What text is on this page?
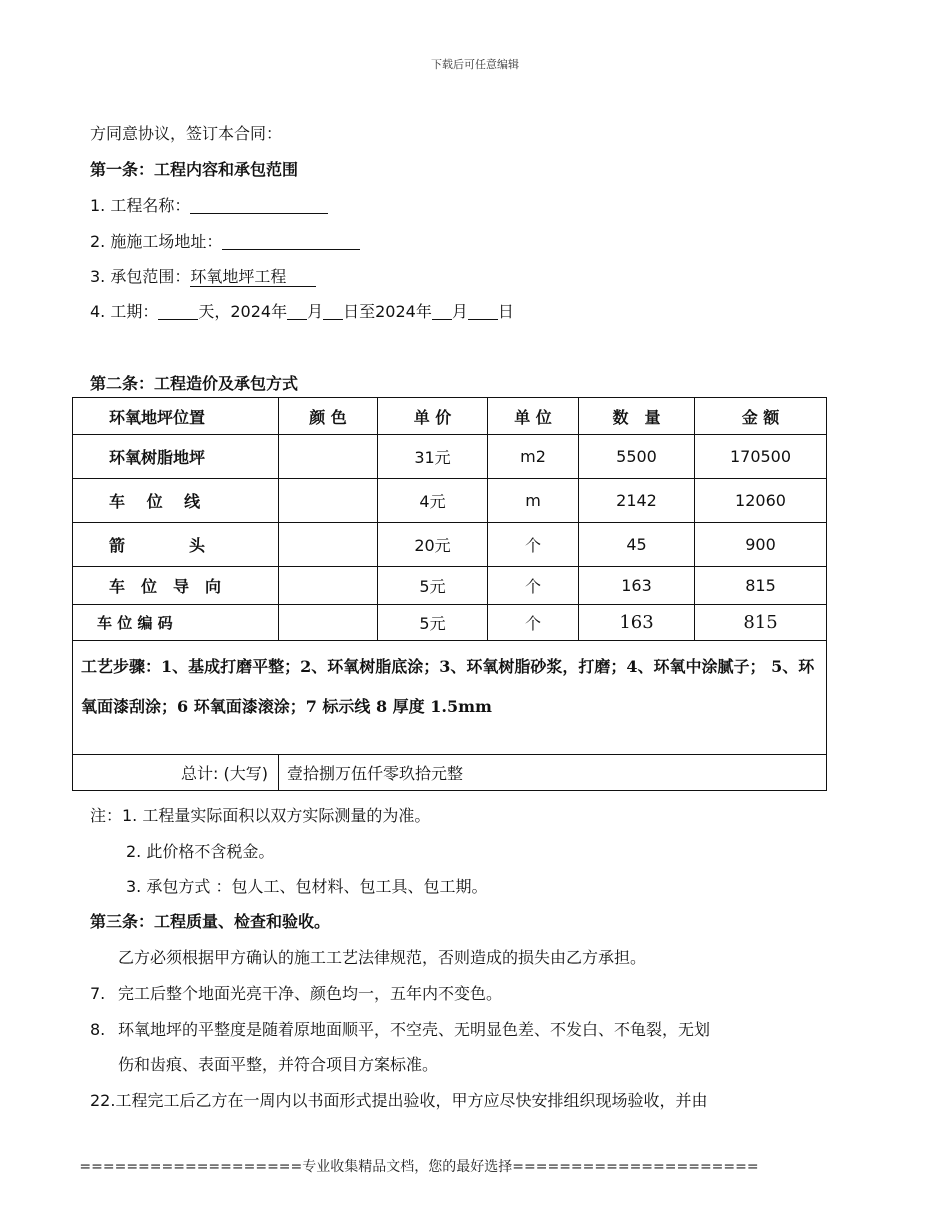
下载后可任意编辑
方同意协议，签订本合同：
第一条：工程内容和承包范围
1. 工程名称：
2. 施施工场地址：
3. 承包范围：环氧地坪工程
4. 工期：	天，2024年 月 日至2024年 月 日
第二条：工程造价及承包方式
环氧地坪位置	颜 色	单 价	单 位	数　量	金 额
环氧树脂地坪		31元	m2	5500	170500
车　 位　 线		4元	m	2142	12060
箭　　　　头		20元	个	45	900
车　位　导　向		5元	个	163	815
车 位 编 码		5元	个	163	815
工艺步骤：1、基成打磨平整；2、环氧树脂底涂；3、环氧树脂砂浆，打磨；4、环氧中涂腻子； 5、环氧面漆刮涂；6 环氧面漆滚涂；7 标示线 8 厚度 1.5mm					
总计: (大写)	壹拾捌万伍仟零玖拾元整				
注：1. 工程量实际面积以双方实际测量的为准。
2. 此价格不含税金。
3. 承包方式 ：包人工、包材料、包工具、包工期。
第三条：工程质量、检查和验收。
乙方必须根据甲方确认的施工工艺法律规范，否则造成的损失由乙方承担。
7. 完工后整个地面光亮干净、颜色均一，五年内不变色。
8. 环氧地坪的平整度是随着原地面顺平，不空壳、无明显色差、不发白、不龟裂，无划
伤和齿痕、表面平整，并符合项目方案标准。
22.工程完工后乙方在一周内以书面形式提出验收，甲方应尽快安排组织现场验收，并由
===================专业收集精品文档，您的最好选择=====================
